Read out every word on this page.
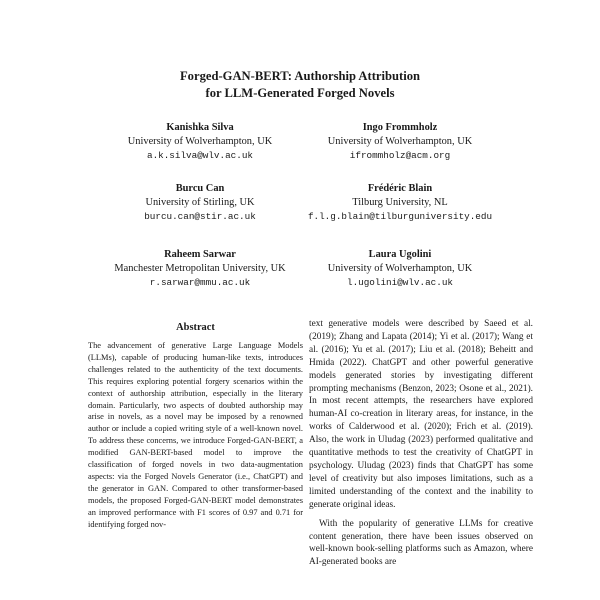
Forged-GAN-BERT: Authorship Attribution
for LLM-Generated Forged Novels
Kanishka Silva
University of Wolverhampton, UK
a.k.silva@wlv.ac.uk
Ingo Frommholz
University of Wolverhampton, UK
ifrommholz@acm.org
Burcu Can
University of Stirling, UK
burcu.can@stir.ac.uk
Frédéric Blain
Tilburg University, NL
f.l.g.blain@tilburguniversity.edu
Raheem Sarwar
Manchester Metropolitan University, UK
r.sarwar@mmu.ac.uk
Laura Ugolini
University of Wolverhampton, UK
l.ugolini@wlv.ac.uk
Abstract

The advancement of generative Large Language Models (LLMs), capable of producing human-like texts, introduces challenges related to the authenticity of the text documents. This requires exploring potential forgery scenarios within the context of authorship attribution, especially in the literary domain. Particularly, two aspects of doubted authorship may arise in novels, as a novel may be imposed by a renowned author or include a copied writing style of a well-known novel. To address these concerns, we introduce Forged-GAN-BERT, a modified GAN-BERT-based model to improve the classification of forged novels in two data-augmentation aspects: via the Forged Novels Generator (i.e., ChatGPT) and the generator in GAN. Compared to other transformer-based models, the proposed Forged-GAN-BERT model demonstrates an improved performance with F1 scores of 0.97 and 0.71 for identifying forged nov-

text generative models were described by Saeed et al. (2019); Zhang and Lapata (2014); Yi et al. (2017); Wang et al. (2016); Yu et al. (2017); Liu et al. (2018); Beheitt and Hmida (2022). ChatGPT and other powerful generative models generated stories by investigating different prompting mechanisms (Benzon, 2023; Osone et al., 2021). In most recent attempts, the researchers have explored human-AI co-creation in literary areas, for instance, in the works of Calderwood et al. (2020); Frich et al. (2019). Also, the work in Uludag (2023) performed qualitative and quantitative methods to test the creativity of ChatGPT in psychology. Uludag (2023) finds that ChatGPT has some level of creativity but also imposes limitations, such as a limited understanding of the context and the inability to generate original ideas.

With the popularity of generative LLMs for creative content generation, there have been issues observed on well-known book-selling platforms such as Amazon, where AI-generated books are
